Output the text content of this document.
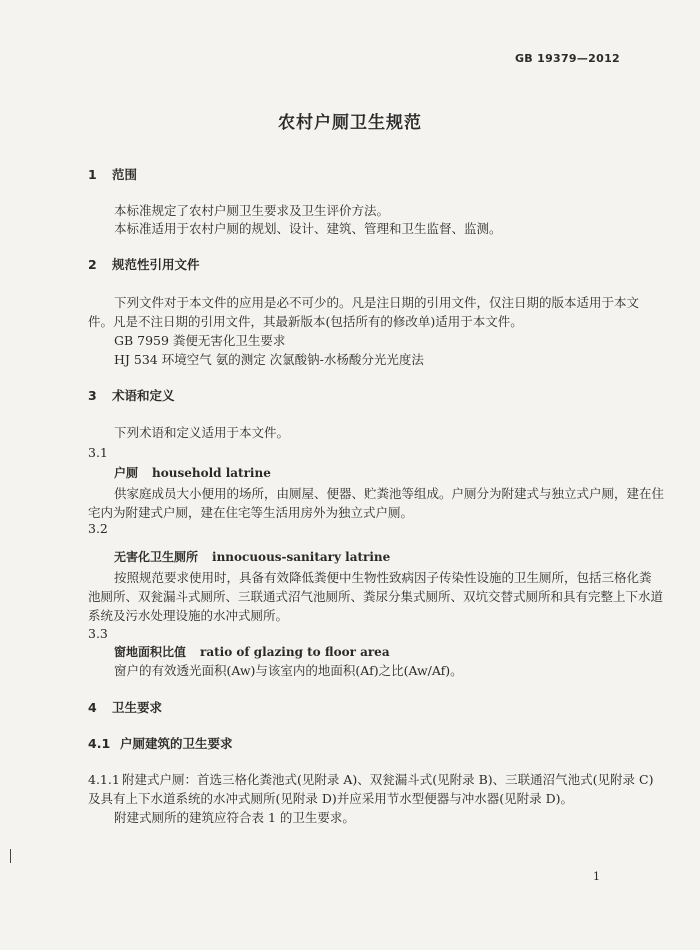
GB 19379—2012
农村户厕卫生规范
1 范围
本标准规定了农村户厕卫生要求及卫生评价方法。
本标准适用于农村户厕的规划、设计、建筑、管理和卫生监督、监测。
2 规范性引用文件
下列文件对于本文件的应用是必不可少的。凡是注日期的引用文件，仅注日期的版本适用于本文
件。凡是不注日期的引用文件，其最新版本(包括所有的修改单)适用于本文件。
GB 7959 粪便无害化卫生要求
HJ 534 环境空气 氨的测定 次氯酸钠-水杨酸分光光度法
3 术语和定义
下列术语和定义适用于本文件。
3.1
户厕 household latrine
供家庭成员大小便用的场所，由厕屋、便器、贮粪池等组成。户厕分为附建式与独立式户厕，建在住
宅内为附建式户厕，建在住宅等生活用房外为独立式户厕。
3.2
无害化卫生厕所 innocuous-sanitary latrine
按照规范要求使用时，具备有效降低粪便中生物性致病因子传染性设施的卫生厕所，包括三格化粪
池厕所、双瓮漏斗式厕所、三联通式沼气池厕所、粪尿分集式厕所、双坑交替式厕所和具有完整上下水道
系统及污水处理设施的水冲式厕所。
3.3
窗地面积比值 ratio of glazing to floor area
窗户的有效透光面积(Aw)与该室内的地面积(Af)之比(Aw/Af)。
4 卫生要求
4.1 户厕建筑的卫生要求
4.1.1 附建式户厕：首选三格化粪池式(见附录 A)、双瓮漏斗式(见附录 B)、三联通沼气池式(见附录 C)
及具有上下水道系统的水冲式厕所(见附录 D)并应采用节水型便器与冲水器(见附录 D)。
附建式厕所的建筑应符合表 1 的卫生要求。
1
